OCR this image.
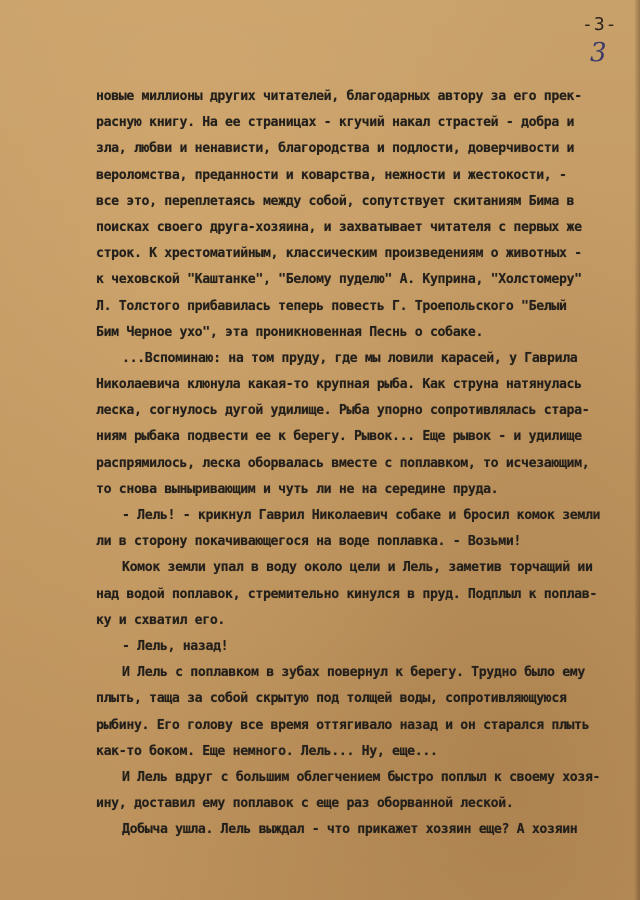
-3-
3
новые миллионы других читателей, благодарных автору за его прек-
расную книгу. На ее страницах - кгучий накал страстей - добра и
зла, любви и ненависти, благородства и подлости, доверчивости и
вероломства, преданности и коварства, нежности и жестокости, -
все это, переплетаясь между собой, сопутствует скитаниям Бима в
поисках своего друга-хозяина, и захватывает читателя с первых же
строк. К хрестоматийным, классическим произведениям о животных -
к чеховской "Каштанке", "Белому пуделю" А. Куприна, "Холстомеру"
Л. Толстого прибавилась теперь повесть Г. Троепольского "Белый
Бим Черное ухо", эта проникновенная Песнь о собаке.
...Вспоминаю: на том пруду, где мы ловили карасей, у Гаврила
Николаевича клюнула какая-то крупная рыба. Как струна натянулась
леска, согнулось дугой удилище. Рыба упорно сопротивлялась стара-
ниям рыбака подвести ее к берегу. Рывок... Еще рывок - и удилище
распрямилось, леска оборвалась вместе с поплавком, то исчезающим,
то снова выныривающим и чуть ли не на середине пруда.
- Лель! - крикнул Гаврил Николаевич собаке и бросил комок земли
ли в сторону покачивающегося на воде поплавка. - Возьми!
Комок земли упал в воду около цели и Лель, заметив торчащий ии
над водой поплавок, стремительно кинулся в пруд. Подплыл к поплав-
ку и схватил его.
- Лель, назад!
И Лель с поплавком в зубах повернул к берегу. Трудно было ему
плыть, таща за собой скрытую под толщей воды, сопротивляющуюся
рыбину. Его голову все время оттягивало назад и он старался плыть
как-то боком. Еще немного. Лель... Ну, еще...
И Лель вдруг с большим облегчением быстро поплыл к своему хозя-
ину, доставил ему поплавок с еще раз оборванной леской.
Добыча ушла. Лель выждал - что прикажет хозяин еще? А хозяин
